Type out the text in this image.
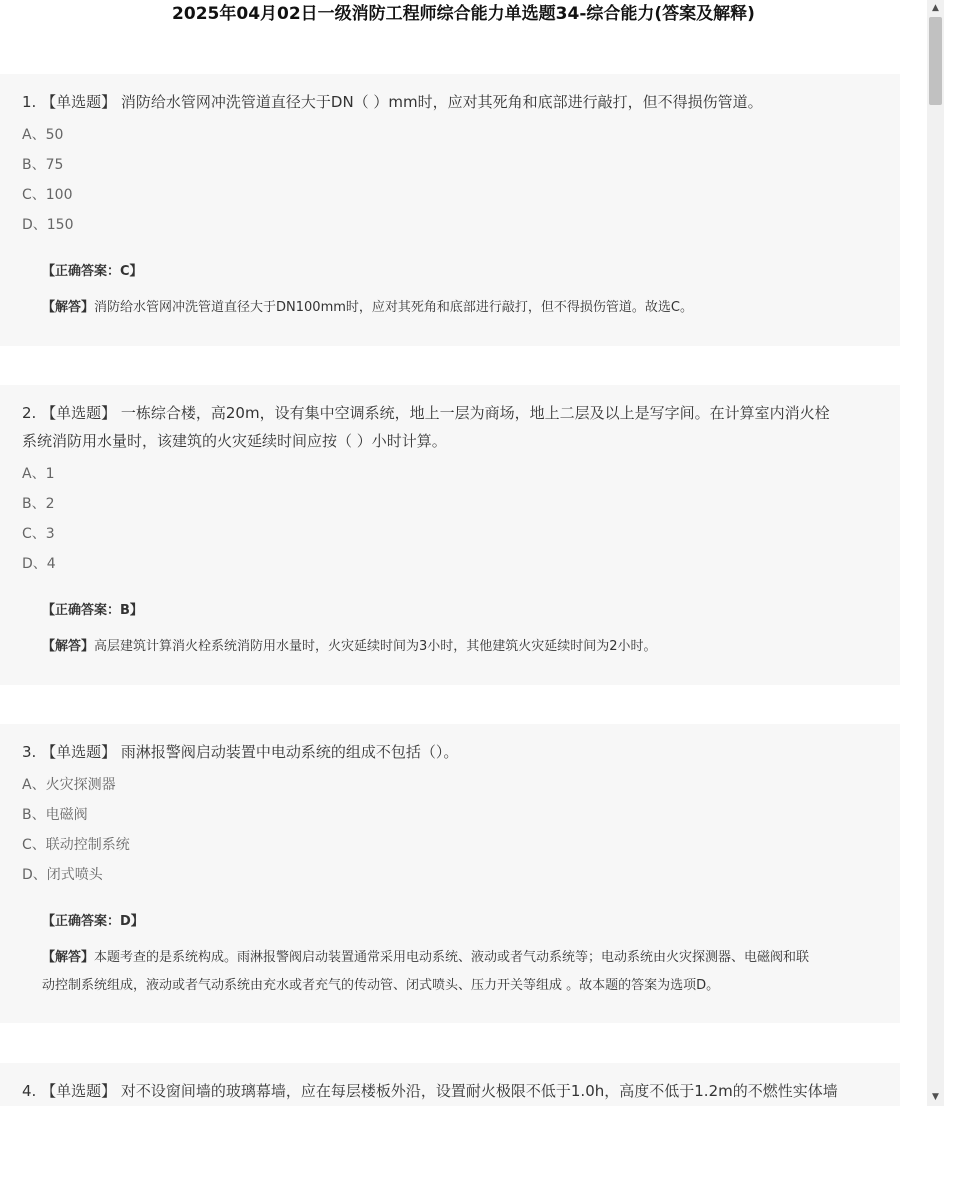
2025年04月02日一级消防工程师综合能力单选题34-综合能力(答案及解释)
1. 【单选题】 消防给水管网冲洗管道直径大于DN（ ）mm时，应对其死角和底部进行敲打，但不得损伤管道。
A、50
B、75
C、100
D、150
【正确答案：C】
【解答】消防给水管网冲洗管道直径大于DN100mm时，应对其死角和底部进行敲打，但不得损伤管道。故选C。
2. 【单选题】 一栋综合楼，高20m，设有集中空调系统，地上一层为商场，地上二层及以上是写字间。在计算室内消火栓
系统消防用水量时，该建筑的火灾延续时间应按（ ）小时计算。
A、1
B、2
C、3
D、4
【正确答案：B】
【解答】高层建筑计算消火栓系统消防用水量时，火灾延续时间为3小时，其他建筑火灾延续时间为2小时。
3. 【单选题】 雨淋报警阀启动装置中电动系统的组成不包括（）。
A、火灾探测器
B、电磁阀
C、联动控制系统
D、闭式喷头
【正确答案：D】
【解答】本题考查的是系统构成。雨淋报警阀启动装置通常采用电动系统、液动或者气动系统等；电动系统由火灾探测器、电磁阀和联
动控制系统组成，液动或者气动系统由充水或者充气的传动管、闭式喷头、压力开关等组成 。故本题的答案为选项D。
4. 【单选题】 对不设窗间墙的玻璃幕墙，应在每层楼板外沿，设置耐火极限不低于1.0h，高度不低于1.2m的不燃性实体墙
▲
▼
